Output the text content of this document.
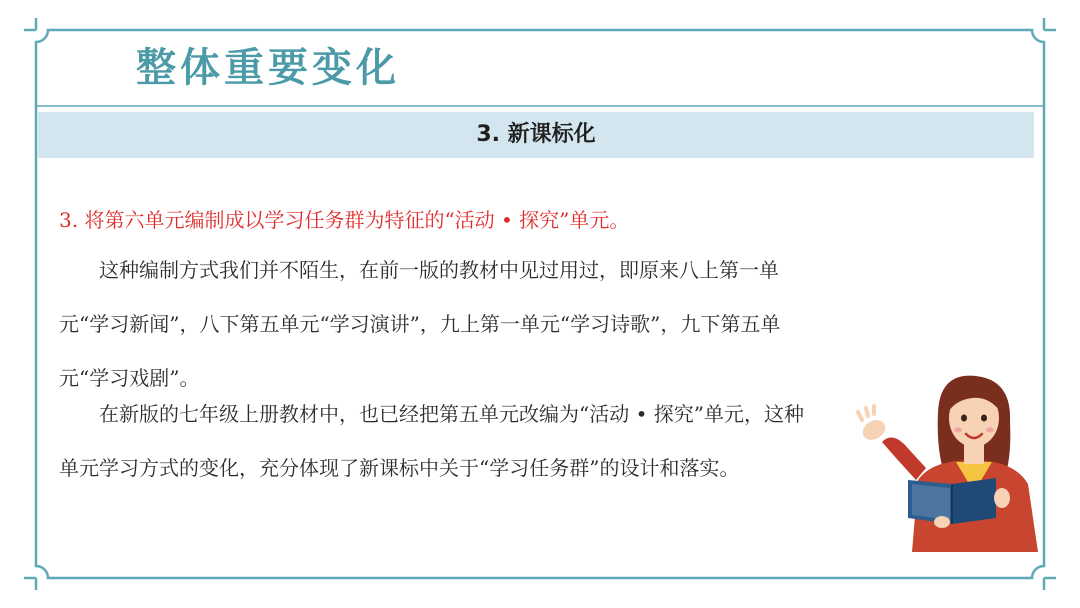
整体重要变化
3. 新课标化
3. 将第六单元编制成以学习任务群为特征的“活动 • 探究”单元。

这种编制方式我们并不陌生，在前一版的教材中见过用过，即原来八上第一单元“学习新闻”，八下第五单元“学习演讲”，九上第一单元“学习诗歌”，九下第五单元“学习戏剧”。

在新版的七年级上册教材中，也已经把第五单元改编为“活动 • 探究”单元，这种单元学习方式的变化，充分体现了新课标中关于“学习任务群”的设计和落实。
